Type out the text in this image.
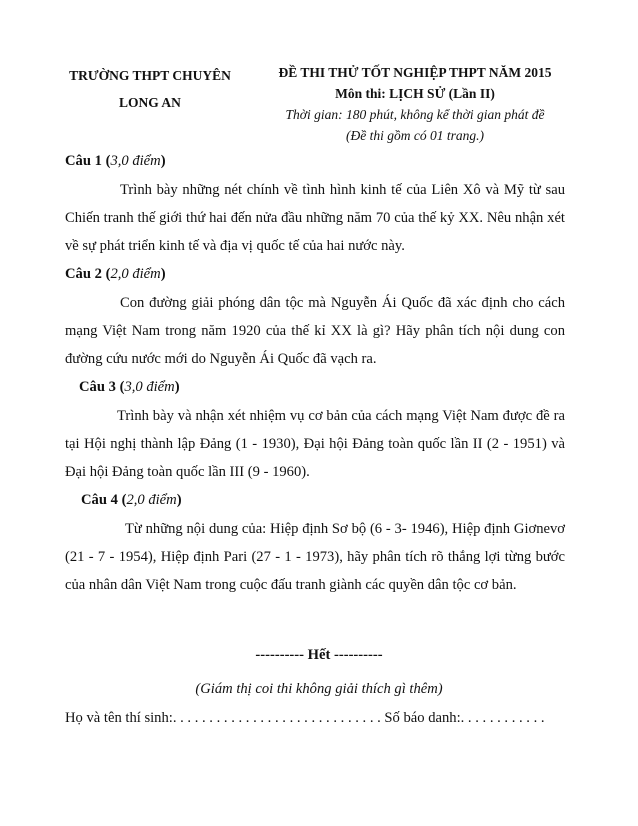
TRƯỜNG THPT CHUYÊN
LONG AN
ĐỀ THI THỬ TỐT NGHIỆP THPT NĂM 2015
Môn thi: LỊCH SỬ (Lần II)
Thời gian: 180 phút, không kể thời gian phát đề
(Đề thi gồm có 01 trang.)
Câu 1 (3,0 điểm)
Trình bày những nét chính về tình hình kinh tế của Liên Xô và Mỹ từ sau Chiến tranh thế giới thứ hai đến nửa đầu những năm 70 của thế kỷ XX. Nêu nhận xét về sự phát triển kinh tế và địa vị quốc tế của hai nước này.
Câu 2 (2,0 điểm)
Con đường giải phóng dân tộc mà Nguyễn Ái Quốc đã xác định cho cách mạng Việt Nam trong năm 1920 của thế kỉ XX là gì? Hãy phân tích nội dung con đường cứu nước mới do Nguyễn Ái Quốc đã vạch ra.
Câu 3 (3,0 điểm)
Trình bày và nhận xét nhiệm vụ cơ bản của cách mạng Việt Nam được đề ra tại Hội nghị thành lập Đảng (1 - 1930), Đại hội Đảng toàn quốc lần II (2 - 1951) và Đại hội Đảng toàn quốc lần III (9 - 1960).
Câu 4 (2,0 điểm)
Từ những nội dung của: Hiệp định Sơ bộ (6 - 3- 1946), Hiệp định Giơnevơ (21 - 7 - 1954), Hiệp định Pari (27 - 1 - 1973), hãy phân tích rõ thắng lợi từng bước của nhân dân Việt Nam trong cuộc đấu tranh giành các quyền dân tộc cơ bản.
---------- Hết ----------
(Giám thị coi thi không giải thích gì thêm)
Họ và tên thí sinh:. . . . . . . . . . . . . . . . . . . . . . . . . . . . . Số báo danh:. . . . . . . . . . . .
